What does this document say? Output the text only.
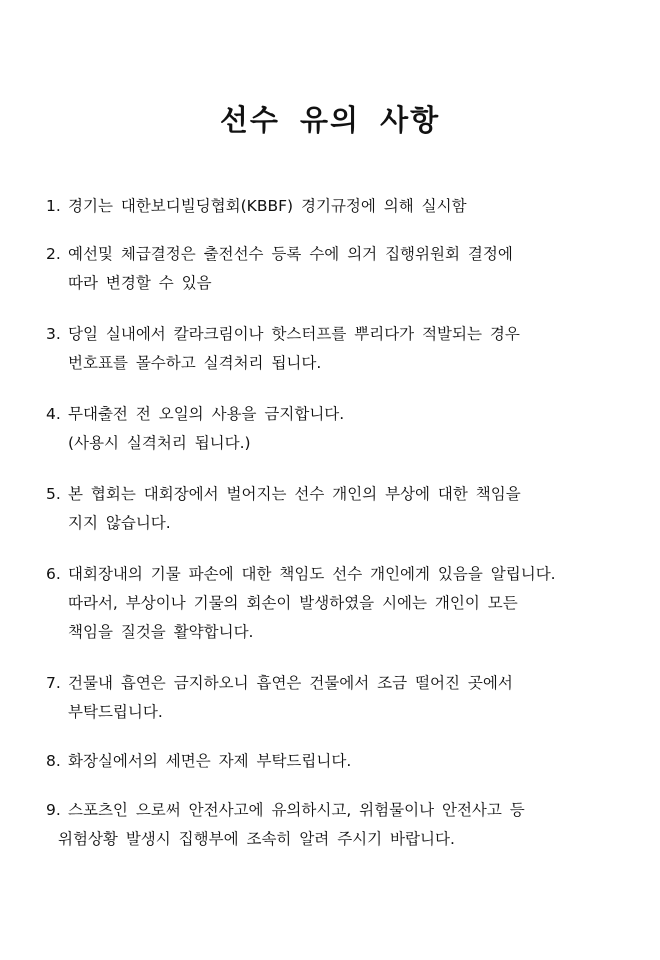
선수 유의 사항
1. 경기는 대한보디빌딩협회(KBBF) 경기규정에 의해 실시함
2. 예선및 체급결정은 출전선수 등록 수에 의거 집행위원회 결정에
따라 변경할 수 있음
3. 당일 실내에서 칼라크림이나 핫스터프를 뿌리다가 적발되는 경우
번호표를 몰수하고 실격처리 됩니다.
4. 무대출전 전 오일의 사용을 금지합니다.
(사용시 실격처리 됩니다.)
5. 본 협회는 대회장에서 벌어지는 선수 개인의 부상에 대한 책임을
지지 않습니다.
6. 대회장내의 기물 파손에 대한 책임도 선수 개인에게 있음을 알립니다.
따라서, 부상이나 기물의 회손이 발생하였을 시에는 개인이 모든
책임을 질것을 활약합니다.
7. 건물내 흡연은 금지하오니 흡연은 건물에서 조금 떨어진 곳에서
부탁드립니다.
8. 화장실에서의 세면은 자제 부탁드립니다.
9. 스포츠인 으로써 안전사고에 유의하시고, 위험물이나 안전사고 등
위험상황 발생시 집행부에 조속히 알려 주시기 바랍니다.
